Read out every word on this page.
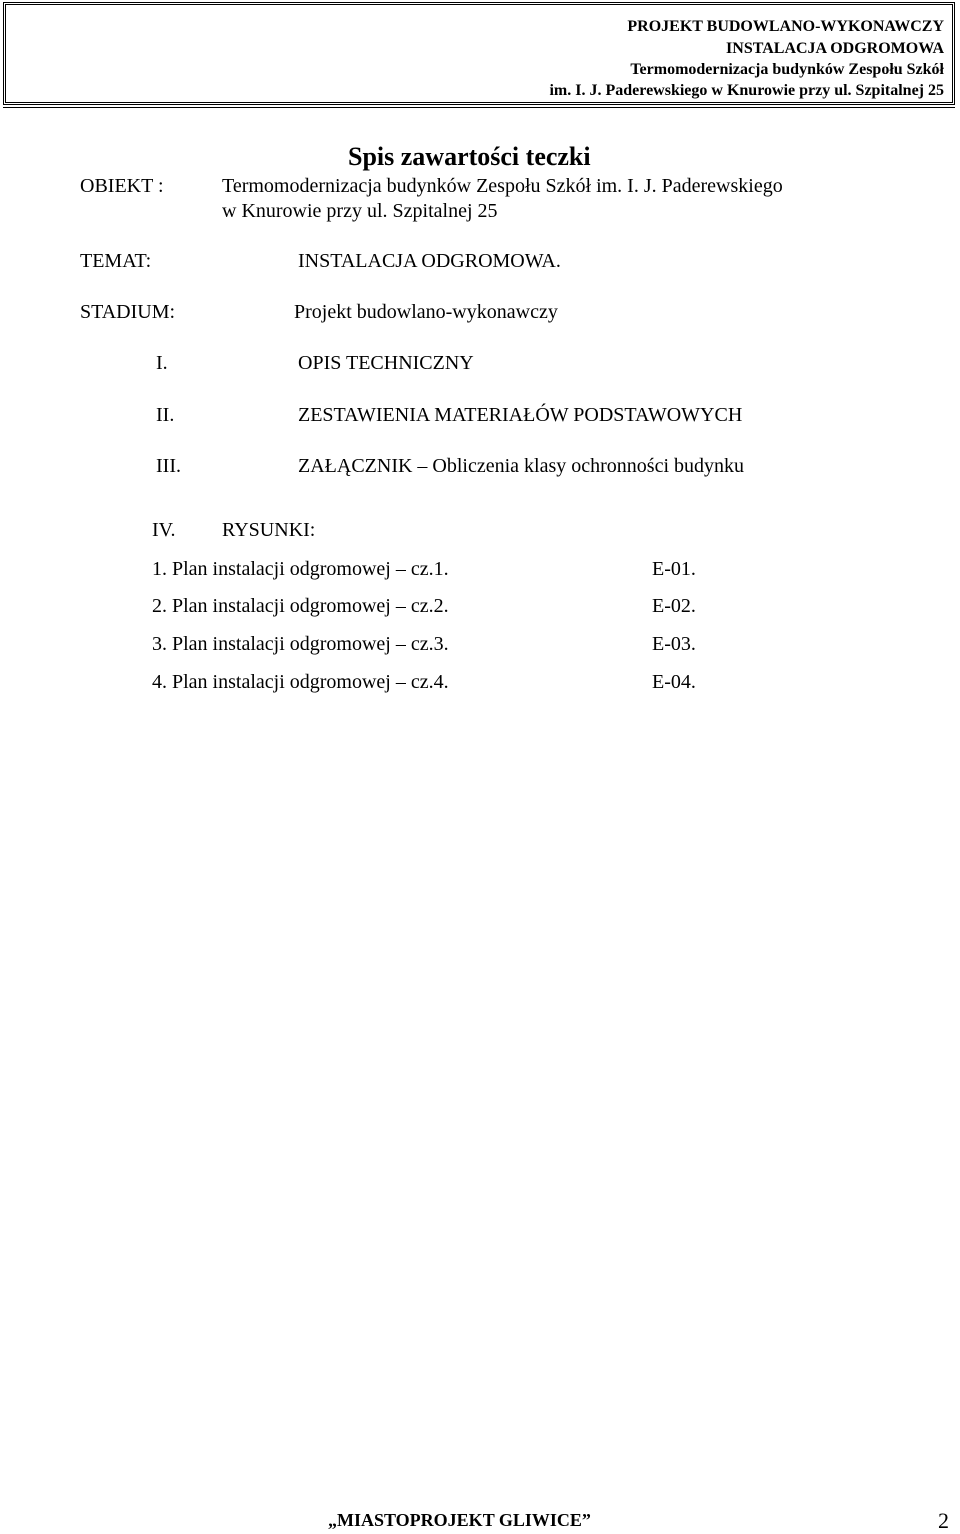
PROJEKT BUDOWLANO-WYKONAWCZY
INSTALACJA ODGROMOWA
Termomodernizacja budynków Zespołu Szkół
im. I. J. Paderewskiego w Knurowie przy ul. Szpitalnej 25
Spis zawartości teczki
OBIEKT :	Termomodernizacja budynków Zespołu Szkół im. I. J. Paderewskiego
w Knurowie przy ul. Szpitalnej 25
TEMAT:	INSTALACJA ODGROMOWA.
STADIUM:	Projekt budowlano-wykonawczy
I.	OPIS TECHNICZNY
II.	ZESTAWIENIA MATERIAŁÓW PODSTAWOWYCH
III.	ZAŁĄCZNIK – Obliczenia klasy ochronności budynku
IV. RYSUNKI:
1. Plan instalacji odgromowej – cz.1.	E-01.
2. Plan instalacji odgromowej – cz.2.	E-02.
3. Plan instalacji odgromowej – cz.3.	E-03.
4. Plan instalacji odgromowej – cz.4.	E-04.
„MIASTOPROJEKT GLIWICE”	2
